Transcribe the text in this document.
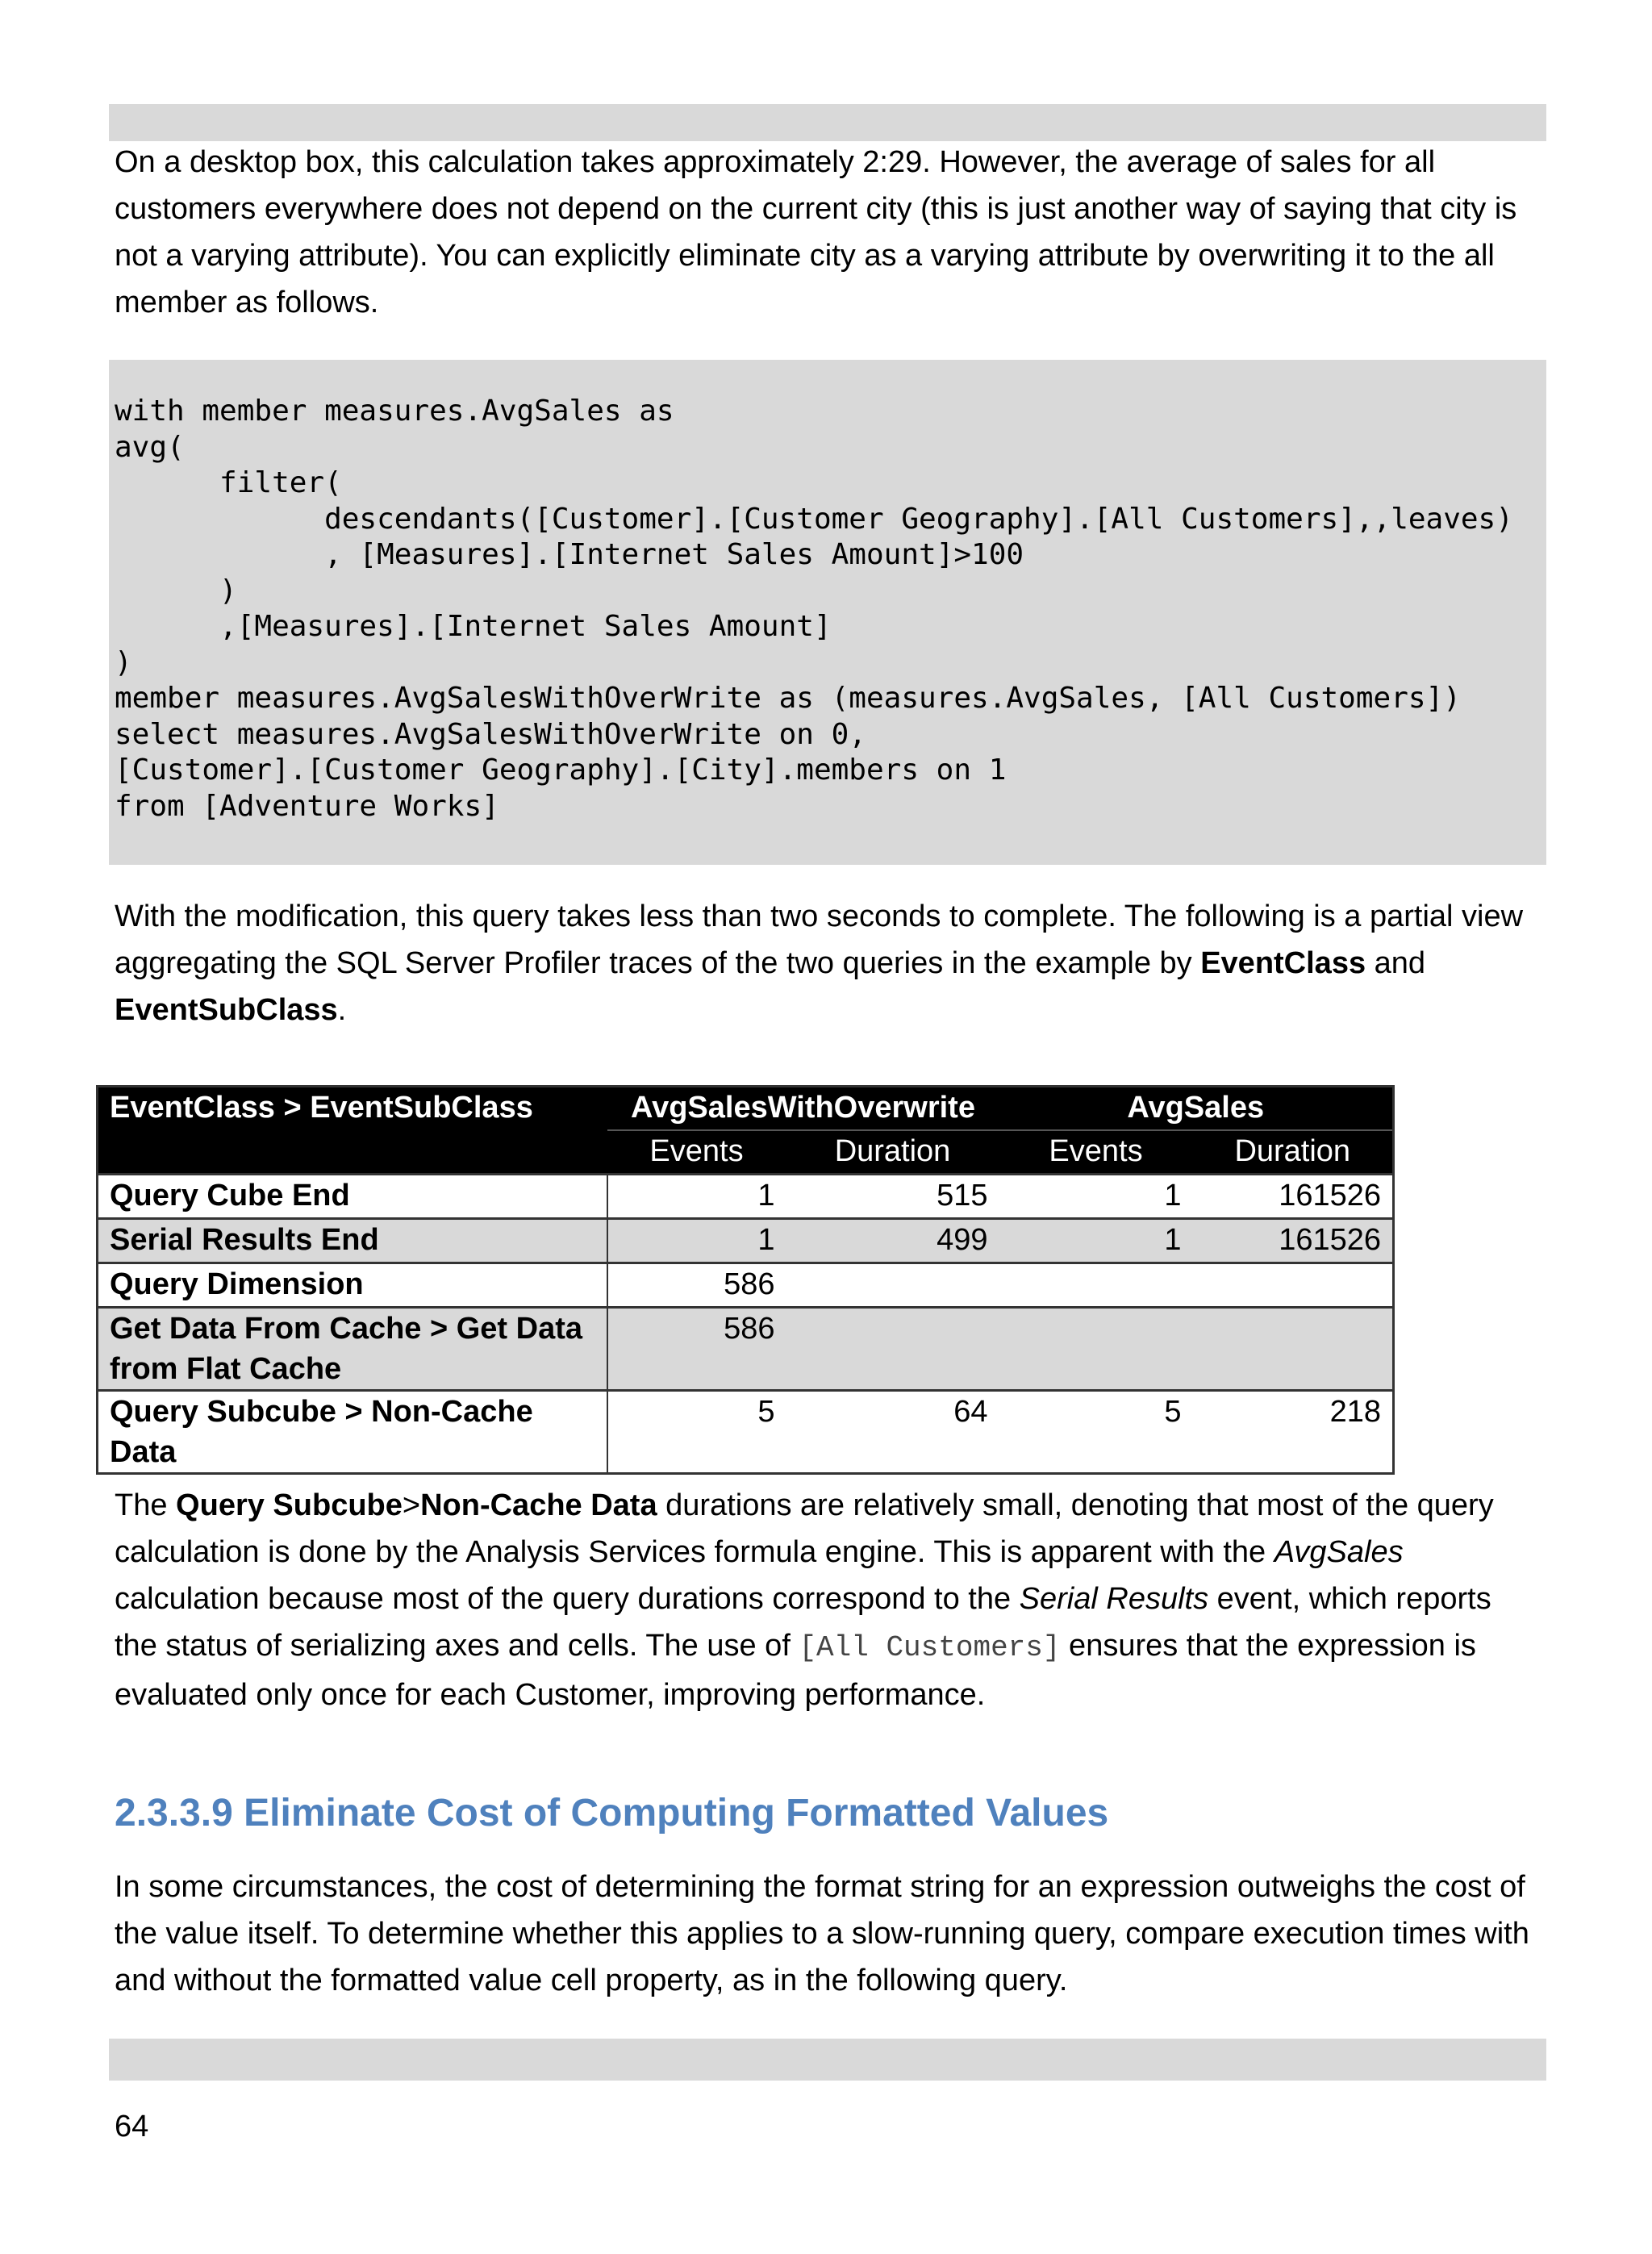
On a desktop box, this calculation takes approximately 2:29. However, the average of sales for all customers everywhere does not depend on the current city (this is just another way of saying that city is not a varying attribute). You can explicitly eliminate city as a varying attribute by overwriting it to the all member as follows.

with member measures.AvgSales as
avg(
filter(
descendants([Customer].[Customer Geography].[All Customers],,leaves)
, [Measures].[Internet Sales Amount]>100
)
,[Measures].[Internet Sales Amount]
)
member measures.AvgSalesWithOverWrite as (measures.AvgSales, [All Customers])
select measures.AvgSalesWithOverWrite on 0,
[Customer].[Customer Geography].[City].members on 1
from [Adventure Works]

With the modification, this query takes less than two seconds to complete. The following is a partial view aggregating the SQL Server Profiler traces of the two queries in the example by EventClass and EventSubClass.

EventClass > EventSubClass	AvgSalesWithOverwrite		AvgSales	
	Events	Duration	Events	Duration
Query Cube End	1	515	1	161526
Serial Results End	1	499	1	161526
Query Dimension	586			
Get Data From Cache > Get Data from Flat Cache	586			
Query Subcube > Non-Cache Data	5	64	5	218

The Query Subcube>Non-Cache Data durations are relatively small, denoting that most of the query calculation is done by the Analysis Services formula engine. This is apparent with the AvgSales calculation because most of the query durations correspond to the Serial Results event, which reports the status of serializing axes and cells. The use of [All Customers] ensures that the expression is evaluated only once for each Customer, improving performance.

2.3.3.9 Eliminate Cost of Computing Formatted Values

In some circumstances, the cost of determining the format string for an expression outweighs the cost of the value itself. To determine whether this applies to a slow-running query, compare execution times with and without the formatted value cell property, as in the following query.

64
